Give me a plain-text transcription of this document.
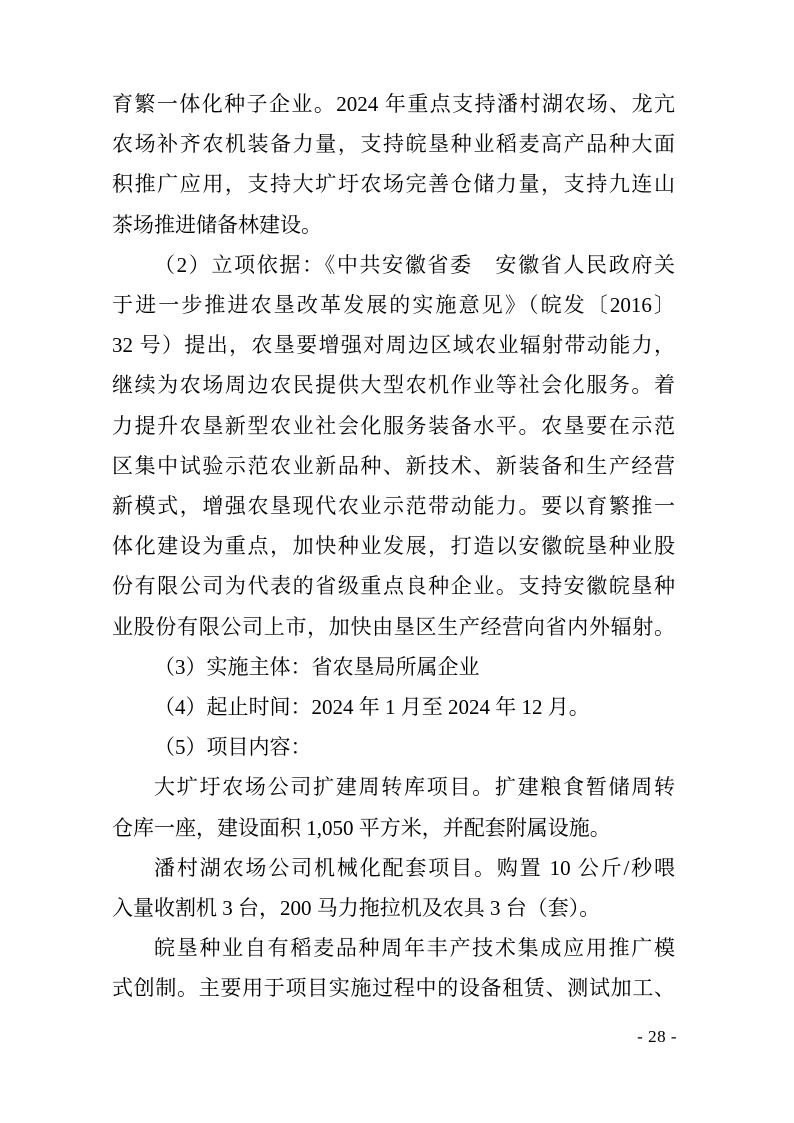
育繁一体化种子企业。2024 年重点支持潘村湖农场、龙亢
农场补齐农机装备力量，支持皖垦种业稻麦高产品种大面
积推广应用，支持大圹圩农场完善仓储力量，支持九连山
茶场推进储备林建设。
（2）立项依据：《中共安徽省委　安徽省人民政府关
于进一步推进农垦改革发展的实施意见》（皖发〔2016〕
32 号）提出，农垦要增强对周边区域农业辐射带动能力，
继续为农场周边农民提供大型农机作业等社会化服务。着
力提升农垦新型农业社会化服务装备水平。农垦要在示范
区集中试验示范农业新品种、新技术、新装备和生产经营
新模式，增强农垦现代农业示范带动能力。要以育繁推一
体化建设为重点，加快种业发展，打造以安徽皖垦种业股
份有限公司为代表的省级重点良种企业。支持安徽皖垦种
业股份有限公司上市，加快由垦区生产经营向省内外辐射。
（3）实施主体：省农垦局所属企业
（4）起止时间：2024 年 1 月至 2024 年 12 月。
（5）项目内容：
大圹圩农场公司扩建周转库项目。扩建粮食暂储周转
仓库一座，建设面积 1,050 平方米，并配套附属设施。
潘村湖农场公司机械化配套项目。购置 10 公斤/秒喂
入量收割机 3 台，200 马力拖拉机及农具 3 台（套）。
皖垦种业自有稻麦品种周年丰产技术集成应用推广模
式创制。主要用于项目实施过程中的设备租赁、测试加工、
- 28 -
